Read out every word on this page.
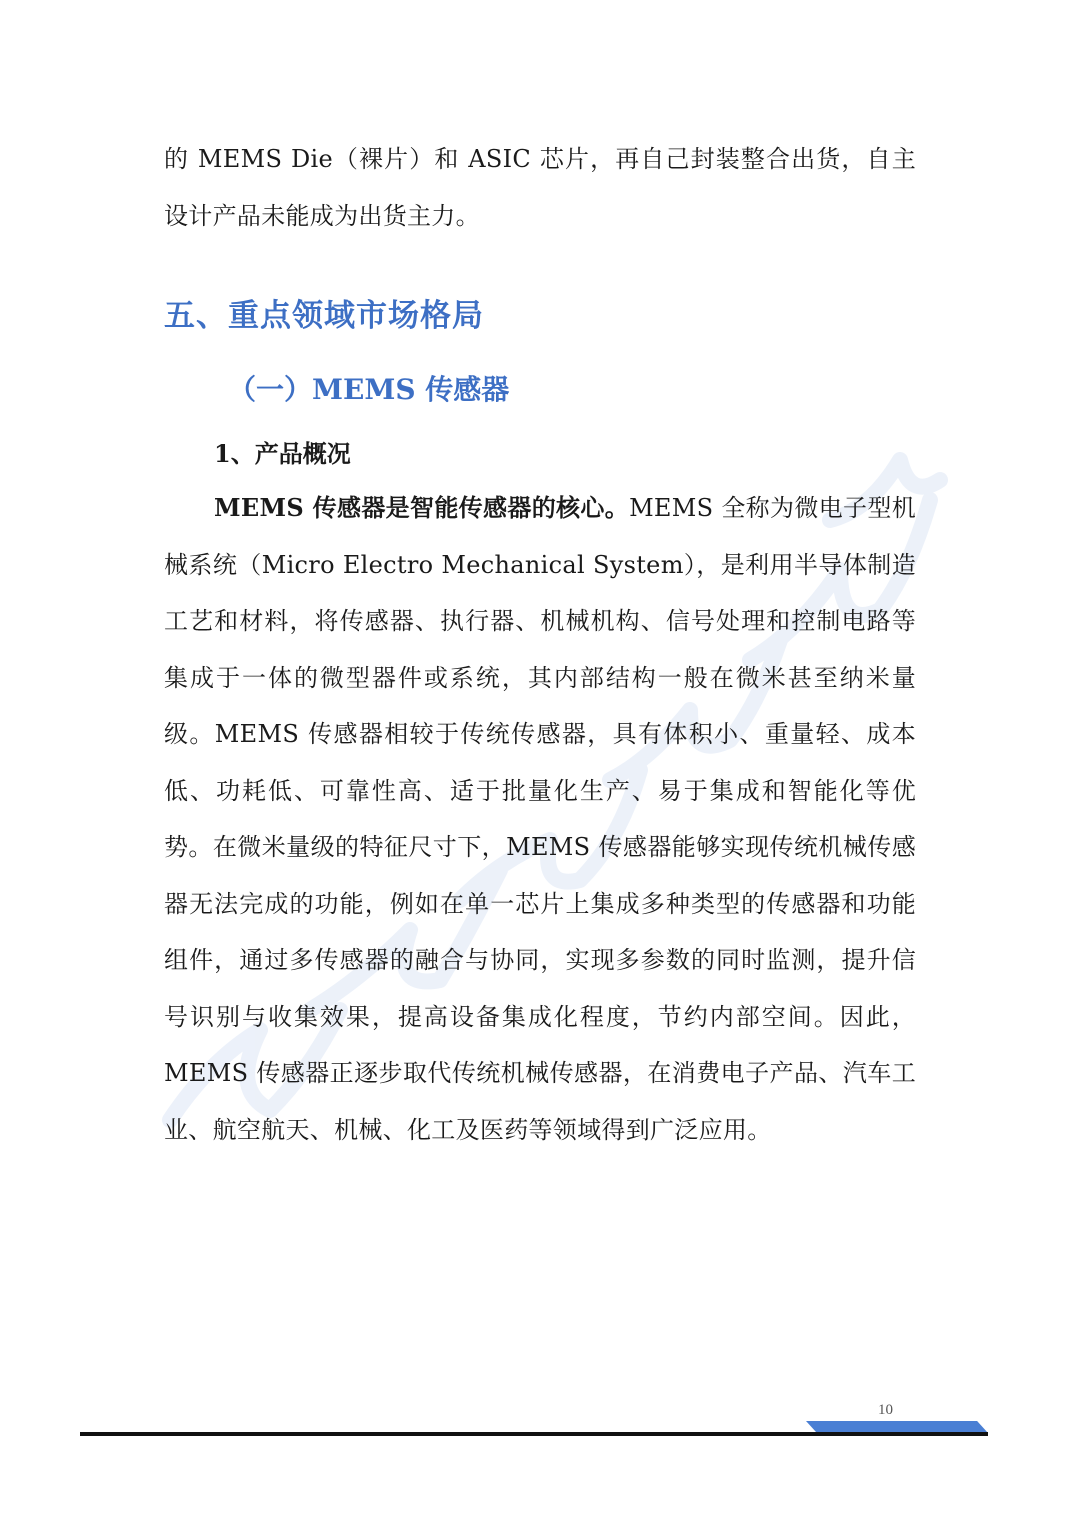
的 MEMS Die（裸片）和 ASIC 芯片，再自己封装整合出货，自主设计产品未能成为出货主力。
五、重点领域市场格局
（一）MEMS 传感器
1、产品概况
MEMS 传感器是智能传感器的核心。MEMS 全称为微电子型机械系统（Micro Electro Mechanical System），是利用半导体制造工艺和材料，将传感器、执行器、机械机构、信号处理和控制电路等集成于一体的微型器件或系统，其内部结构一般在微米甚至纳米量级。MEMS 传感器相较于传统传感器，具有体积小、重量轻、成本低、功耗低、可靠性高、适于批量化生产、易于集成和智能化等优势。在微米量级的特征尺寸下，MEMS 传感器能够实现传统机械传感器无法完成的功能，例如在单一芯片上集成多种类型的传感器和功能组件，通过多传感器的融合与协同，实现多参数的同时监测，提升信号识别与收集效果，提高设备集成化程度，节约内部空间。因此，MEMS 传感器正逐步取代传统机械传感器，在消费电子产品、汽车工业、航空航天、机械、化工及医药等领域得到广泛应用。
10
